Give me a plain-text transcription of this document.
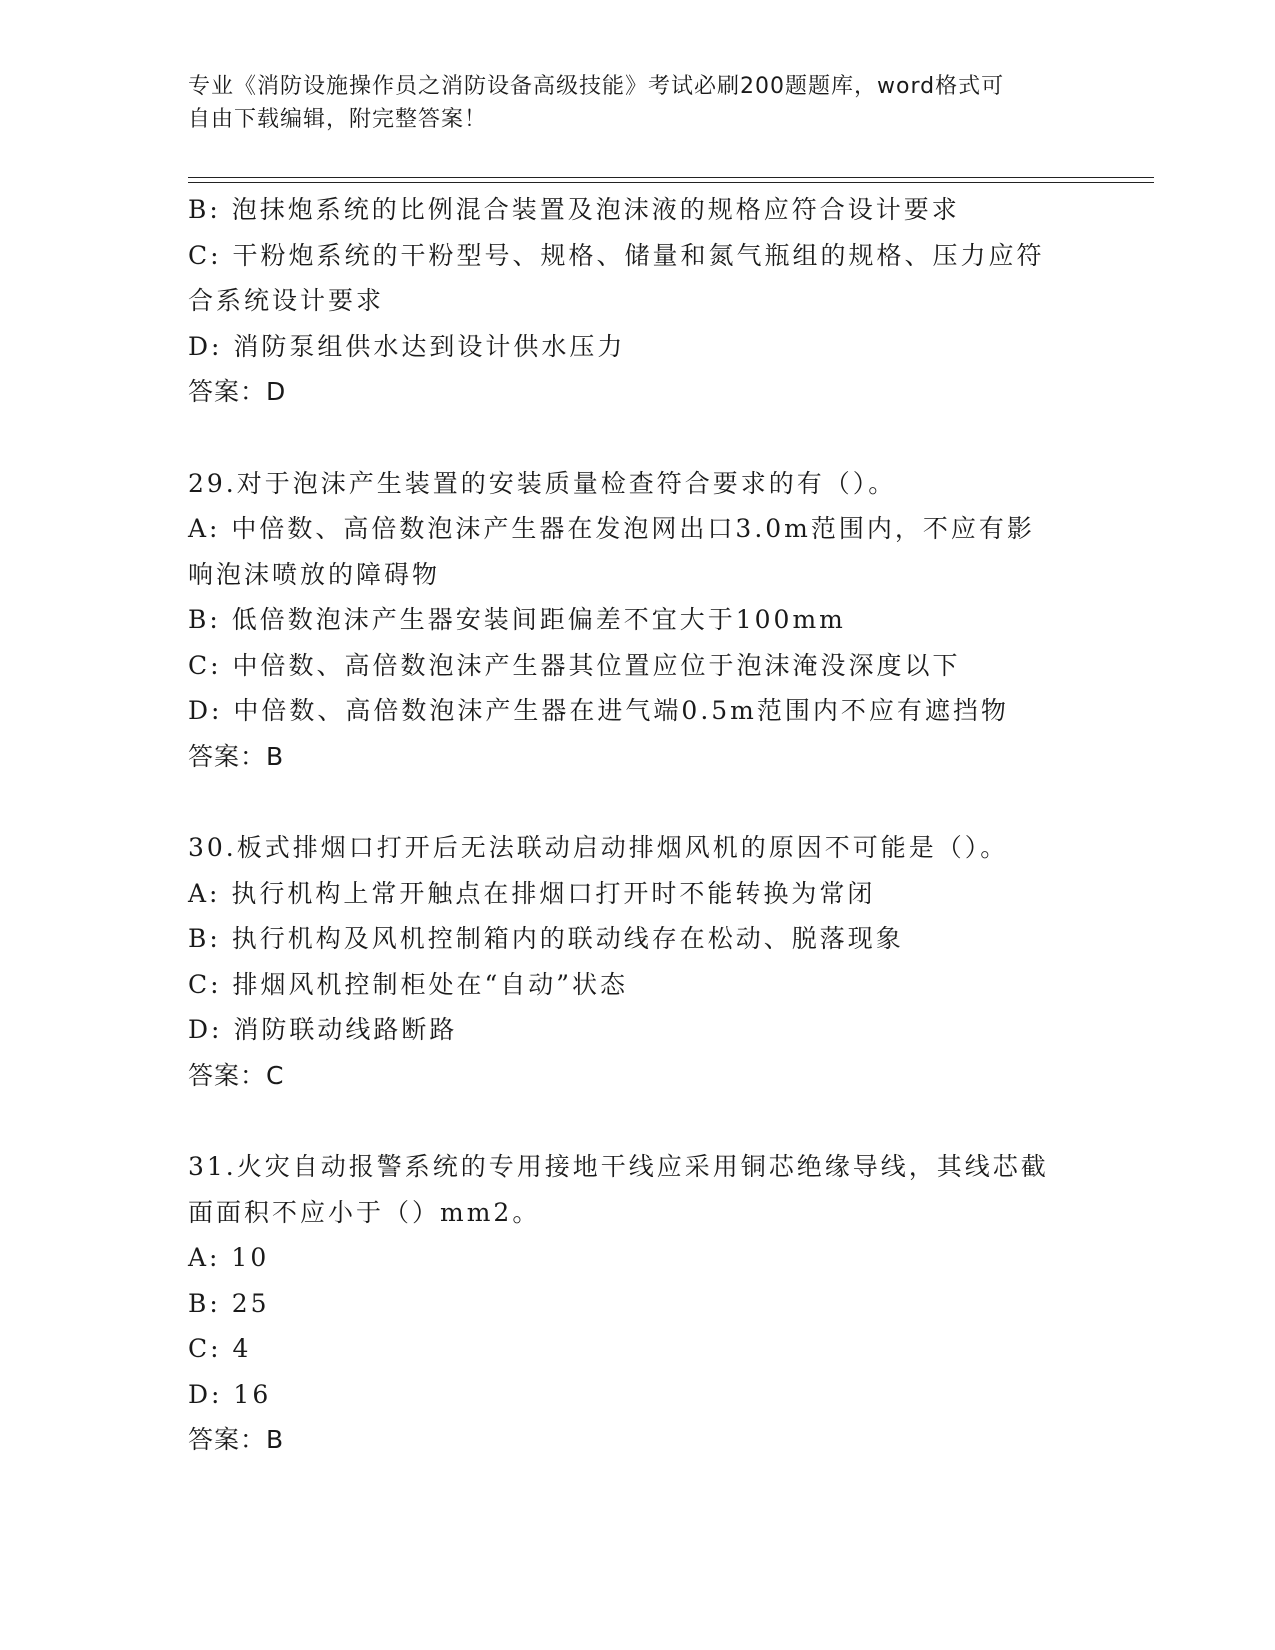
专业《消防设施操作员之消防设备高级技能》考试必刷200题题库，word格式可
自由下载编辑，附完整答案！
B: 泡抹炮系统的比例混合装置及泡沫液的规格应符合设计要求
C: 干粉炮系统的干粉型号、规格、储量和氮气瓶组的规格、压力应符
合系统设计要求
D: 消防泵组供水达到设计供水压力
答案：D
29.对于泡沫产生装置的安装质量检查符合要求的有（）。
A: 中倍数、高倍数泡沫产生器在发泡网出口3.0m范围内，不应有影
响泡沫喷放的障碍物
B: 低倍数泡沫产生器安装间距偏差不宜大于100mm
C: 中倍数、高倍数泡沫产生器其位置应位于泡沫淹没深度以下
D: 中倍数、高倍数泡沫产生器在进气端0.5m范围内不应有遮挡物
答案：B
30.板式排烟口打开后无法联动启动排烟风机的原因不可能是（）。
A: 执行机构上常开触点在排烟口打开时不能转换为常闭
B: 执行机构及风机控制箱内的联动线存在松动、脱落现象
C: 排烟风机控制柜处在“自动”状态
D: 消防联动线路断路
答案：C
31.火灾自动报警系统的专用接地干线应采用铜芯绝缘导线，其线芯截
面面积不应小于（）mm2。
A: 10
B: 25
C: 4
D: 16
答案：B
